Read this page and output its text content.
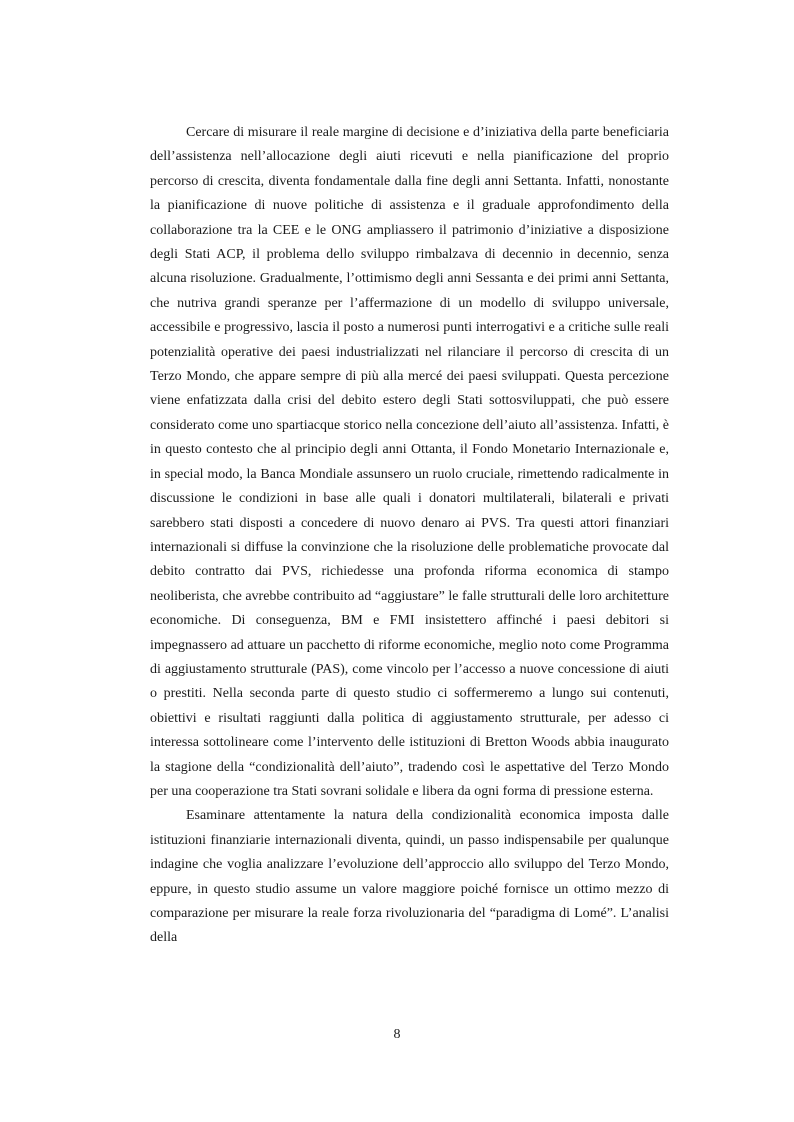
Cercare di misurare il reale margine di decisione e d’iniziativa della parte beneficiaria dell’assistenza nell’allocazione degli aiuti ricevuti e nella pianificazione del proprio percorso di crescita, diventa fondamentale dalla fine degli anni Settanta. Infatti, nonostante la pianificazione di nuove politiche di assistenza e il graduale approfondimento della collaborazione tra la CEE e le ONG ampliassero il patrimonio d’iniziative a disposizione degli Stati ACP, il problema dello sviluppo rimbalzava di decennio in decennio, senza alcuna risoluzione. Gradualmente, l’ottimismo degli anni Sessanta e dei primi anni Settanta, che nutriva grandi speranze per l’affermazione di un modello di sviluppo universale, accessibile e progressivo, lascia il posto a numerosi punti interrogativi e a critiche sulle reali potenzialità operative dei paesi industrializzati nel rilanciare il percorso di crescita di un Terzo Mondo, che appare sempre di più alla mercé dei paesi sviluppati. Questa percezione viene enfatizzata dalla crisi del debito estero degli Stati sottosviluppati, che può essere considerato come uno spartiacque storico nella concezione dell’aiuto all’assistenza. Infatti, è in questo contesto che al principio degli anni Ottanta, il Fondo Monetario Internazionale e, in special modo, la Banca Mondiale assunsero un ruolo cruciale, rimettendo radicalmente in discussione le condizioni in base alle quali i donatori multilaterali, bilaterali e privati sarebbero stati disposti a concedere di nuovo denaro ai PVS. Tra questi attori finanziari internazionali si diffuse la convinzione che la risoluzione delle problematiche provocate dal debito contratto dai PVS, richiedesse una profonda riforma economica di stampo neoliberista, che avrebbe contribuito ad “aggiustare” le falle strutturali delle loro architetture economiche. Di conseguenza, BM e FMI insistettero affinché i paesi debitori si impegnassero ad attuare un pacchetto di riforme economiche, meglio noto come Programma di aggiustamento strutturale (PAS), come vincolo per l’accesso a nuove concessione di aiuti o prestiti. Nella seconda parte di questo studio ci soffermeremo a lungo sui contenuti, obiettivi e risultati raggiunti dalla politica di aggiustamento strutturale, per adesso ci interessa sottolineare come l’intervento delle istituzioni di Bretton Woods abbia inaugurato la stagione della “condizionalità dell’aiuto”, tradendo così le aspettative del Terzo Mondo per una cooperazione tra Stati sovrani solidale e libera da ogni forma di pressione esterna.

Esaminare attentamente la natura della condizionalità economica imposta dalle istituzioni finanziarie internazionali diventa, quindi, un passo indispensabile per qualunque indagine che voglia analizzare l’evoluzione dell’approccio allo sviluppo del Terzo Mondo, eppure, in questo studio assume un valore maggiore poiché fornisce un ottimo mezzo di comparazione per misurare la reale forza rivoluzionaria del “paradigma di Lomé”. L’analisi della

8
